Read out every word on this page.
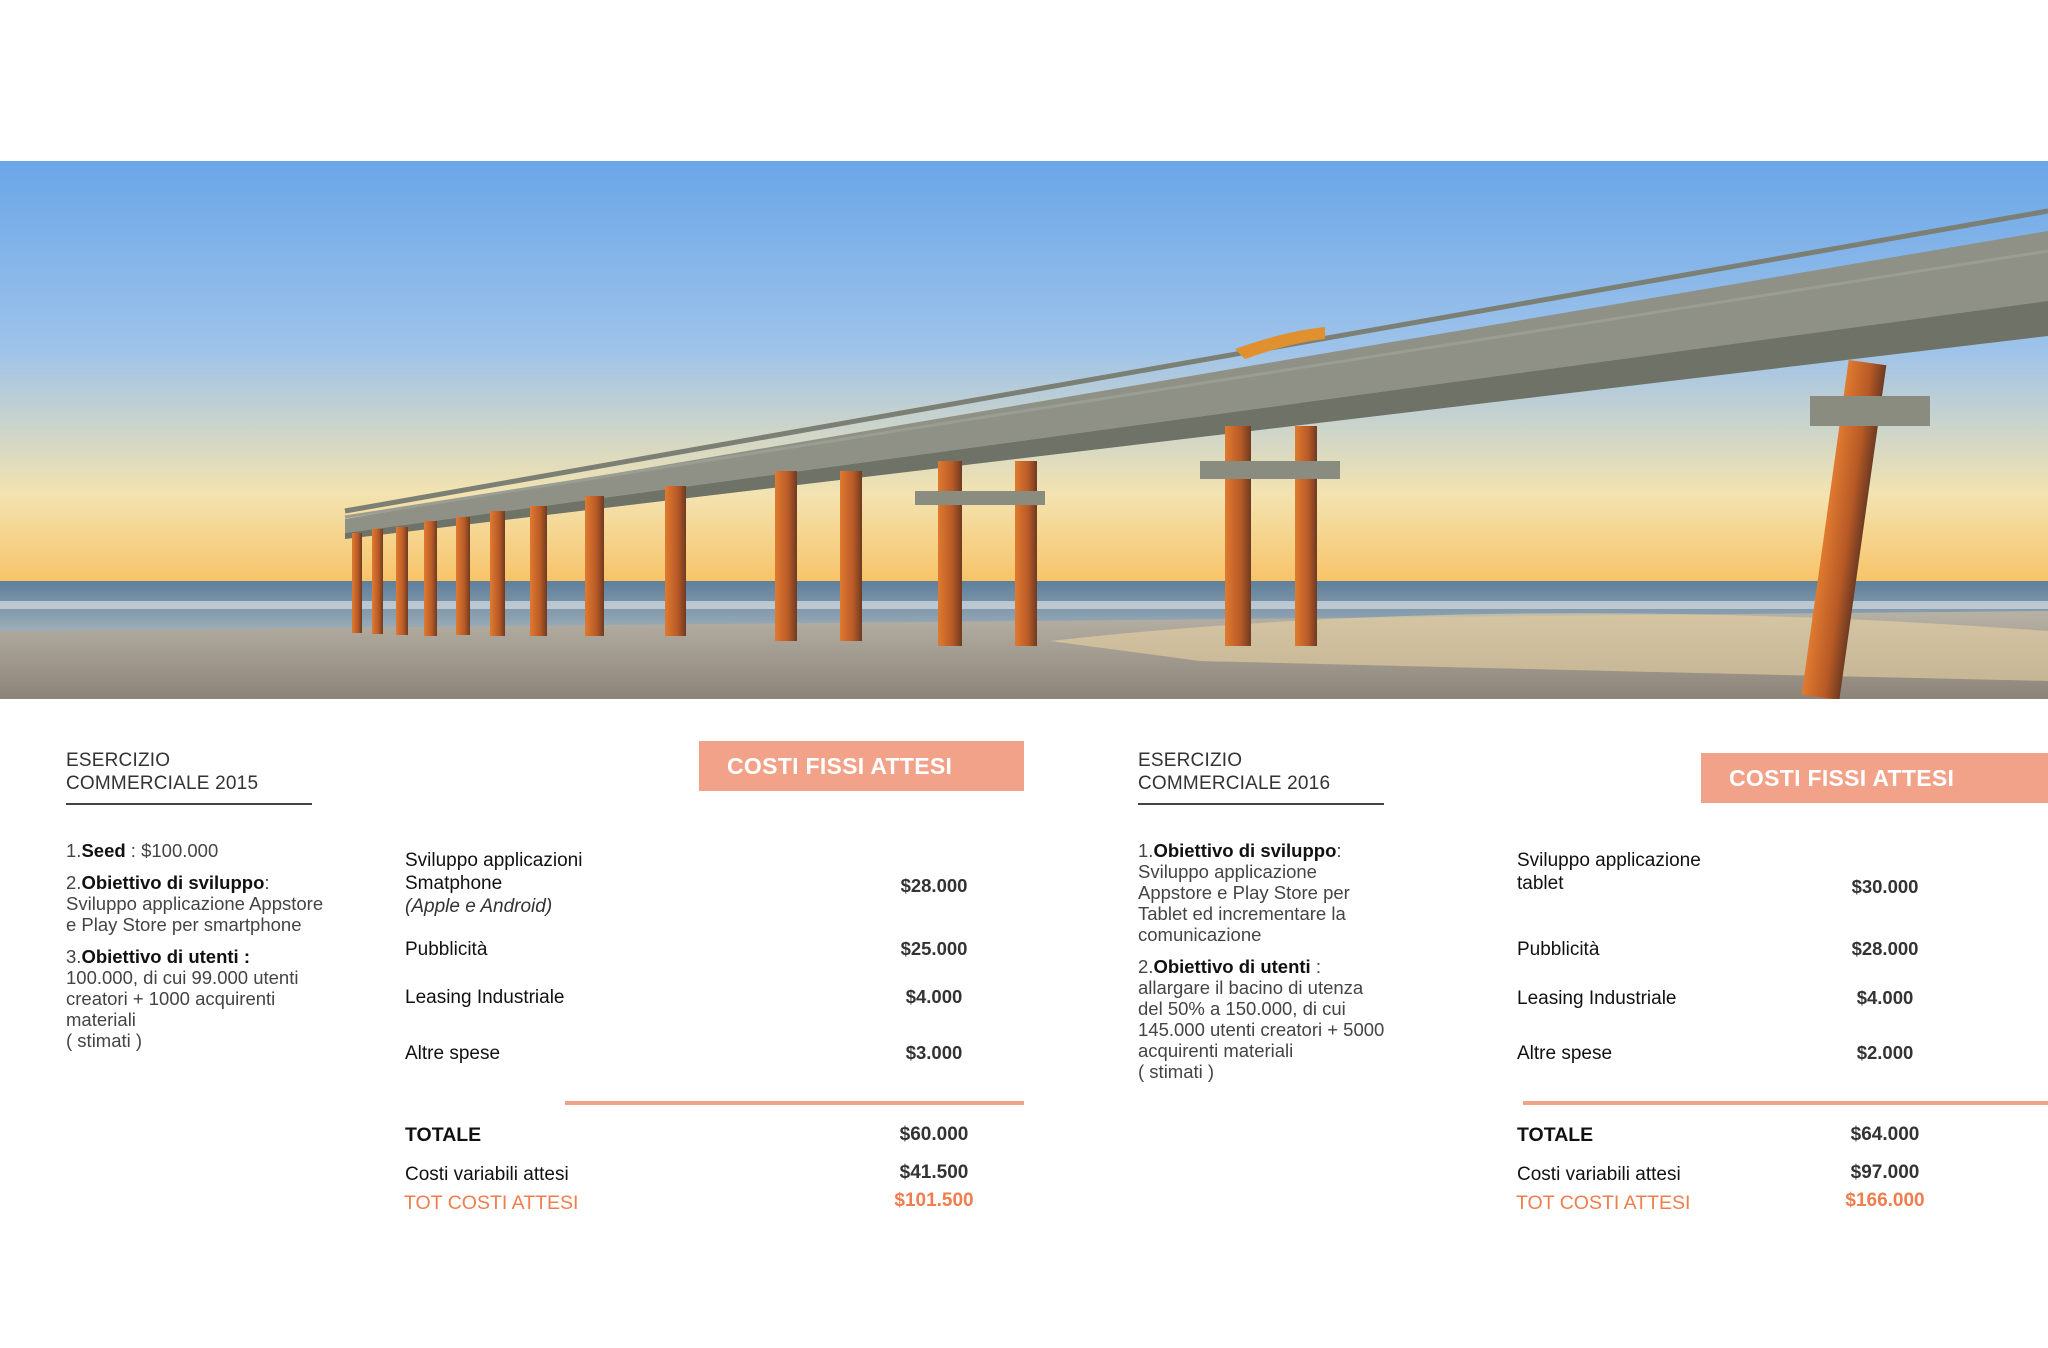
ESERCIZIO
COMMERCIALE 2015
1.Seed : $100.000
2.Obiettivo di sviluppo:
Sviluppo applicazione Appstore e Play Store per smartphone
3.Obiettivo di utenti :
100.000, di cui 99.000 utenti creatori + 1000 acquirenti materiali
( stimati )
COSTI FISSI ATTESI
Sviluppo applicazioni Smatphone
(Apple e Android)
$28.000
Pubblicità	$25.000
Leasing Industriale	$4.000
Altre spese	$3.000
TOTALE	$60.000
Costi variabili attesi	$41.500
TOT COSTI ATTESI	$101.500
ESERCIZIO
COMMERCIALE 2016
1.Obiettivo di sviluppo:
Sviluppo applicazione Appstore e Play Store per Tablet ed incrementare la comunicazione
2.Obiettivo di utenti :
allargare il bacino di utenza del 50% a 150.000, di cui 145.000 utenti creatori + 5000 acquirenti materiali
( stimati )
COSTI FISSI ATTESI
Sviluppo applicazione tablet	$30.000
Pubblicità	$28.000
Leasing Industriale	$4.000
Altre spese	$2.000
TOTALE	$64.000
Costi variabili attesi	$97.000
TOT COSTI ATTESI	$166.000
